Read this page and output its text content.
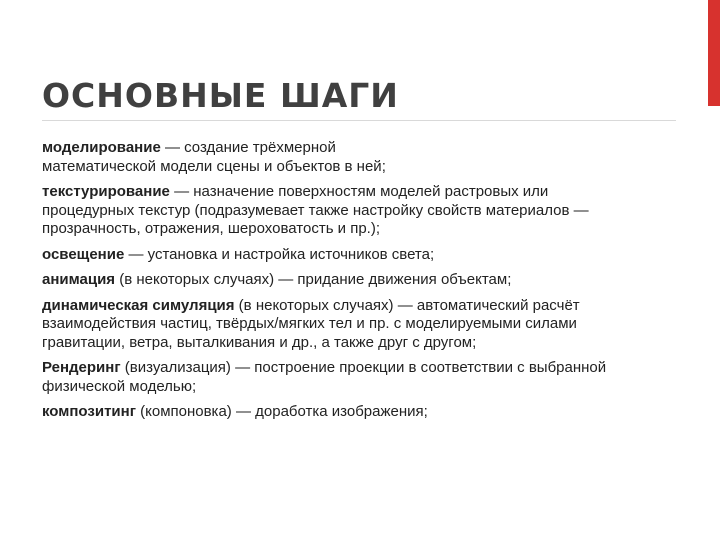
ОСНОВНЫЕ ШАГИ
моделирование — создание трёхмерной математической модели сцены и объектов в ней;
текстурирование — назначение поверхностям моделей растровых или процедурных текстур (подразумевает также настройку свойств материалов — прозрачность, отражения, шероховатость и пр.);
освещение — установка и настройка источников света;
анимация (в некоторых случаях) — придание движения объектам;
динамическая симуляция (в некоторых случаях) — автоматический расчёт взаимодействия частиц, твёрдых/мягких тел и пр. с моделируемыми силами гравитации, ветра, выталкивания и др., а также друг с другом;
Рендеринг (визуализация) — построение проекции в соответствии с выбранной физической моделью;
композитинг (компоновка) — доработка изображения;
